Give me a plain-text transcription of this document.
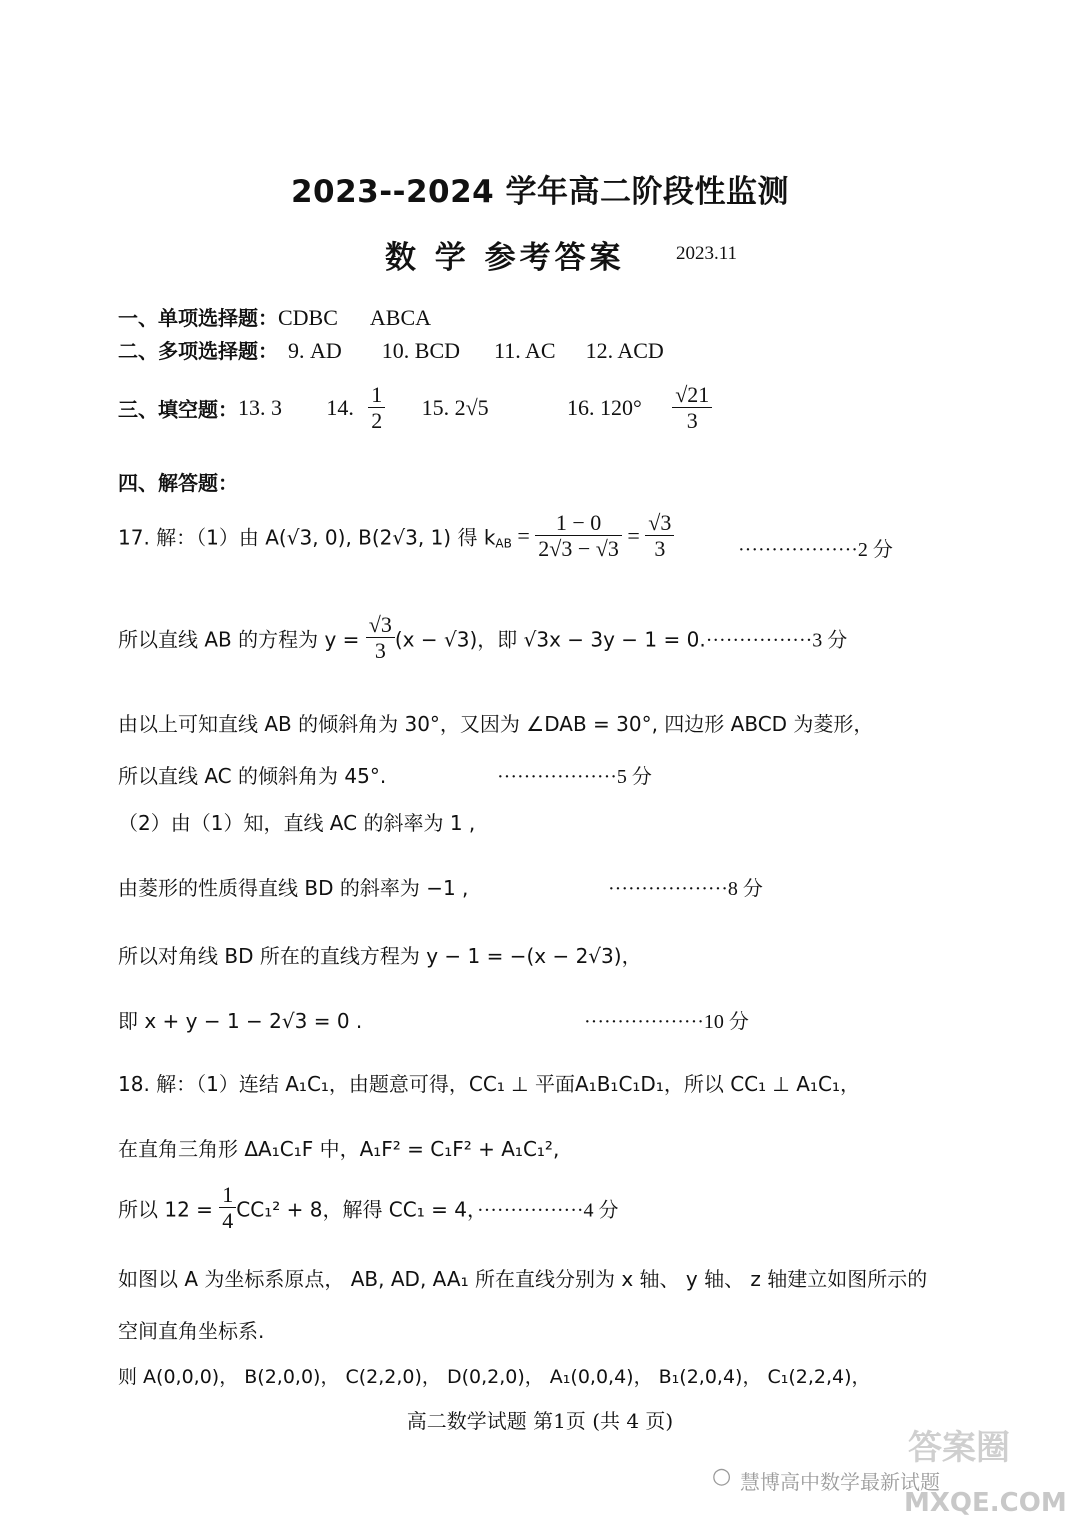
2023--2024 学年高二阶段性监测
数 学 参考答案	2023.11
一、单项选择题：CDBC ABCA
二、多项选择题： 9. AD 10. BCD 11. AC 12. ACD
三、填空题：13. 3 14. $\frac{1}{2} 15$. 2√5	16. $120^\circ \frac{√21}{3}$
四、解答题：
17. 解：（1）由 A(√3, 0), B(2√3, 1) 得 $k_{AB} = \frac{1 - 0}{2√3 - √3} = \frac{√3}{3}$	··················2 分
所以直线 AB 的方程为 $y = \frac{√3}{3} (x - √3)$，即 √3x − 3y − 1 = 0.················3 分
由以上可知直线 AB 的倾斜角为 30°，又因为 ∠DAB = 30°, 四边形 ABCD 为菱形，
所以直线 AC 的倾斜角为 45°.	··················5 分
（2）由（1）知，直线 AC 的斜率为 1 ,
由菱形的性质得直线 BD 的斜率为 −1 ,	··················8 分
所以对角线 BD 所在的直线方程为 y − 1 = −(x − 2√3)，
即 x + y − 1 − 2√3 = 0 .	··················10 分
18. 解：（1）连结 A₁C₁，由题意可得，CC₁ ⊥ 平面A₁B₁C₁D₁，所以 CC₁ ⊥ A₁C₁，
在直角三角形 ΔA₁C₁F 中，A₁F² = C₁F² + A₁C₁²,
所以 $12 = \frac{1}{4} CC_1^2 + 8$，解得 CC₁ = 4，················4 分
如图以 A 为坐标系原点， AB, AD, AA₁ 所在直线分别为 x 轴、 y 轴、 z 轴建立如图所示的
空间直角坐标系.
则 A(0,0,0)， B(2,0,0)， C(2,2,0)， D(0,2,0)， A₁(0,0,4)， B₁(2,0,4)， C₁(2,2,4)，
高二数学试题 第1页 (共 4 页)
慧博高中数学最新试题
答案圈
MXQE.COM
○
